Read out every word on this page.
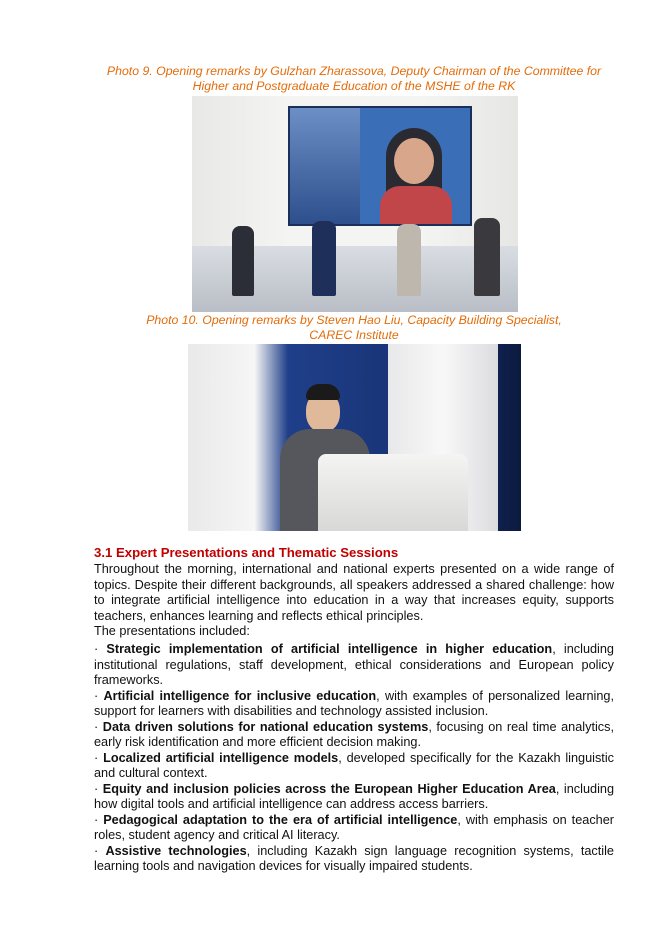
Photo 9. Opening remarks by Gulzhan Zharassova, Deputy Chairman of the Committee for
Higher and Postgraduate Education of the MSHE of the RK
Photo 10. Opening remarks by Steven Hao Liu, Capacity Building Specialist,
CAREC Institute
3.1 Expert Presentations and Thematic Sessions
Throughout the morning, international and national experts presented on a wide range of topics. Despite their different backgrounds, all speakers addressed a shared challenge: how to integrate artificial intelligence into education in a way that increases equity, supports teachers, enhances learning and reflects ethical principles.
The presentations included:

· Strategic implementation of artificial intelligence in higher education, including institutional regulations, staff development, ethical considerations and European policy frameworks.

· Artificial intelligence for inclusive education, with examples of personalized learning, support for learners with disabilities and technology assisted inclusion.

· Data driven solutions for national education systems, focusing on real time analytics, early risk identification and more efficient decision making.

· Localized artificial intelligence models, developed specifically for the Kazakh linguistic and cultural context.

· Equity and inclusion policies across the European Higher Education Area, including how digital tools and artificial intelligence can address access barriers.

· Pedagogical adaptation to the era of artificial intelligence, with emphasis on teacher roles, student agency and critical AI literacy.

· Assistive technologies, including Kazakh sign language recognition systems, tactile learning tools and navigation devices for visually impaired students.
